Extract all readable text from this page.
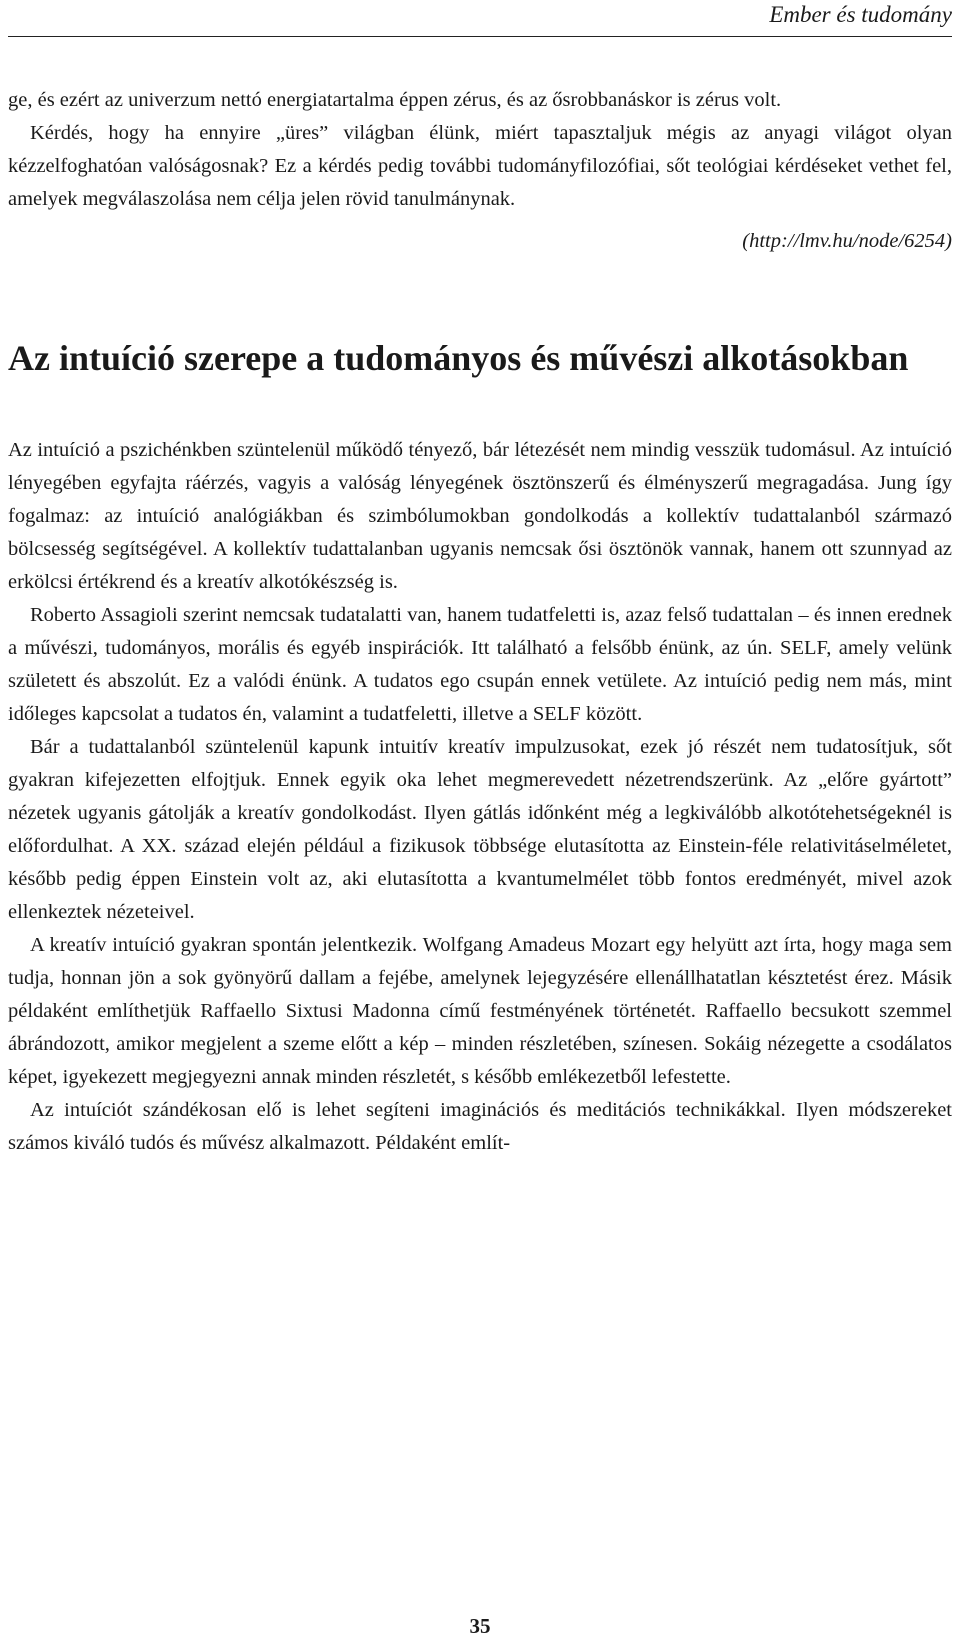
Ember és tudomány

ge, és ezért az univerzum nettó energiatartalma éppen zérus, és az ősrobbanáskor is zérus volt.

Kérdés, hogy ha ennyire „üres” világban élünk, miért tapasztaljuk mégis az anyagi világot olyan kézzelfoghatóan valóságosnak? Ez a kérdés pedig további tudományfilozófiai, sőt teológiai kérdéseket vethet fel, amelyek megválaszolása nem célja jelen rövid tanulmánynak.

(http://lmv.hu/node/6254)
Az intuíció szerepe a tudományos és művészi alkotásokban

Az intuíció a pszichénkben szüntelenül működő tényező, bár létezését nem mindig vesszük tudomásul. Az intuíció lényegében egyfajta ráérzés, vagyis a valóság lényegének ösztönszerű és élményszerű megragadása. Jung így fogalmaz: az intuíció analógiákban és szimbólumokban gondolkodás a kollektív tudattalanból származó bölcsesség segítségével. A kollektív tudattalanban ugyanis nemcsak ősi ösztönök vannak, hanem ott szunnyad az erkölcsi értékrend és a kreatív alkotókészség is.

Roberto Assagioli szerint nemcsak tudatalatti van, hanem tudatfeletti is, azaz felső tudattalan – és innen erednek a művészi, tudományos, morális és egyéb inspirációk. Itt található a felsőbb énünk, az ún. SELF, amely velünk született és abszolút. Ez a valódi énünk. A tudatos ego csupán ennek vetülete. Az intuíció pedig nem más, mint időleges kapcsolat a tudatos én, valamint a tudatfeletti, illetve a SELF között.

Bár a tudattalanból szüntelenül kapunk intuitív kreatív impulzusokat, ezek jó részét nem tudatosítjuk, sőt gyakran kifejezetten elfojtjuk. Ennek egyik oka lehet megmerevedett nézetrendszerünk. Az „előre gyártott” nézetek ugyanis gátolják a kreatív gondolkodást. Ilyen gátlás időnként még a legkiválóbb alkotótehetségeknél is előfordulhat. A XX. század elején például a fizikusok többsége elutasította az Einstein-féle relativitáselméletet, később pedig éppen Einstein volt az, aki elutasította a kvantumelmélet több fontos eredményét, mivel azok ellenkeztek nézeteivel.

A kreatív intuíció gyakran spontán jelentkezik. Wolfgang Amadeus Mozart egy helyütt azt írta, hogy maga sem tudja, honnan jön a sok gyönyörű dallam a fejébe, amelynek lejegyzésére ellenállhatatlan késztetést érez. Másik példaként említhetjük Raffaello Sixtusi Madonna című festményének történetét. Raffaello becsukott szemmel ábrándozott, amikor megjelent a szeme előtt a kép – minden részletében, színesen. Sokáig nézegette a csodálatos képet, igyekezett megjegyezni annak minden részletét, s később emlékezetből lefestette.

Az intuíciót szándékosan elő is lehet segíteni imaginációs és meditációs technikákkal. Ilyen módszereket számos kiváló tudós és művész alkalmazott. Példaként említ-

35
